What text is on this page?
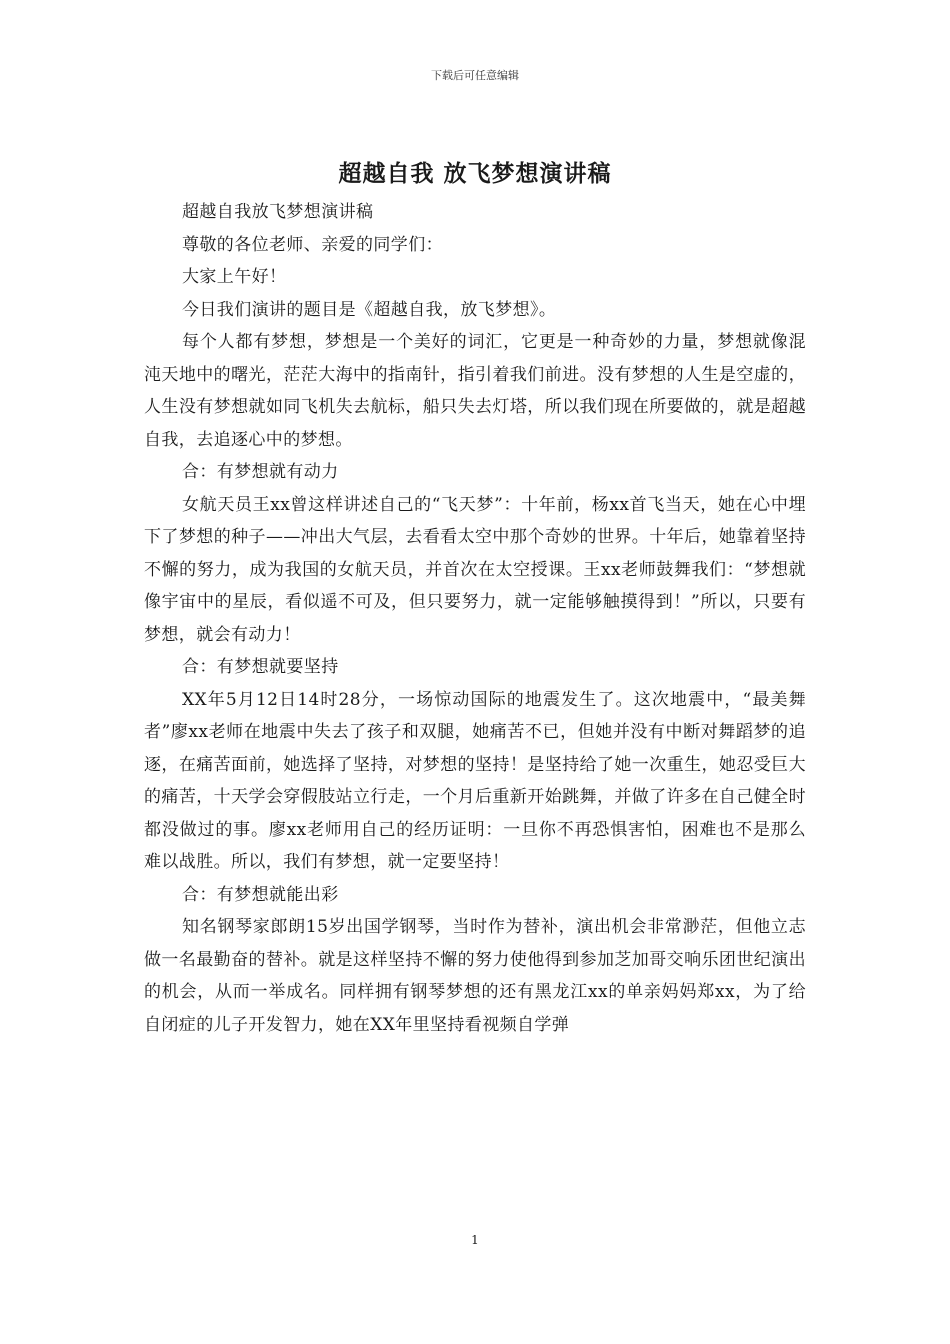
下载后可任意编辑
超越自我 放飞梦想演讲稿

超越自我放飞梦想演讲稿

尊敬的各位老师、亲爱的同学们：

大家上午好！

今日我们演讲的题目是《超越自我，放飞梦想》。

每个人都有梦想，梦想是一个美好的词汇，它更是一种奇妙的力量，梦想就像混沌天地中的曙光，茫茫大海中的指南针，指引着我们前进。没有梦想的人生是空虚的，人生没有梦想就如同飞机失去航标，船只失去灯塔，所以我们现在所要做的，就是超越自我，去追逐心中的梦想。

合：有梦想就有动力

女航天员王xx曾这样讲述自己的“飞天梦”：十年前，杨xx首飞当天，她在心中埋下了梦想的种子——冲出大气层，去看看太空中那个奇妙的世界。十年后，她靠着坚持不懈的努力，成为我国的女航天员，并首次在太空授课。王xx老师鼓舞我们：“梦想就像宇宙中的星辰，看似遥不可及，但只要努力，就一定能够触摸得到！”所以，只要有梦想，就会有动力！

合：有梦想就要坚持

XX年5月12日14时28分，一场惊动国际的地震发生了。这次地震中，“最美舞者”廖xx老师在地震中失去了孩子和双腿，她痛苦不已，但她并没有中断对舞蹈梦的追逐，在痛苦面前，她选择了坚持，对梦想的坚持！是坚持给了她一次重生，她忍受巨大的痛苦，十天学会穿假肢站立行走，一个月后重新开始跳舞，并做了许多在自己健全时都没做过的事。廖xx老师用自己的经历证明：一旦你不再恐惧害怕，困难也不是那么难以战胜。所以，我们有梦想，就一定要坚持！

合：有梦想就能出彩

知名钢琴家郎朗15岁出国学钢琴，当时作为替补，演出机会非常渺茫，但他立志做一名最勤奋的替补。就是这样坚持不懈的努力使他得到参加芝加哥交响乐团世纪演出的机会，从而一举成名。同样拥有钢琴梦想的还有黑龙江xx的单亲妈妈郑xx，为了给自闭症的儿子开发智力，她在XX年里坚持看视频自学弹

1
